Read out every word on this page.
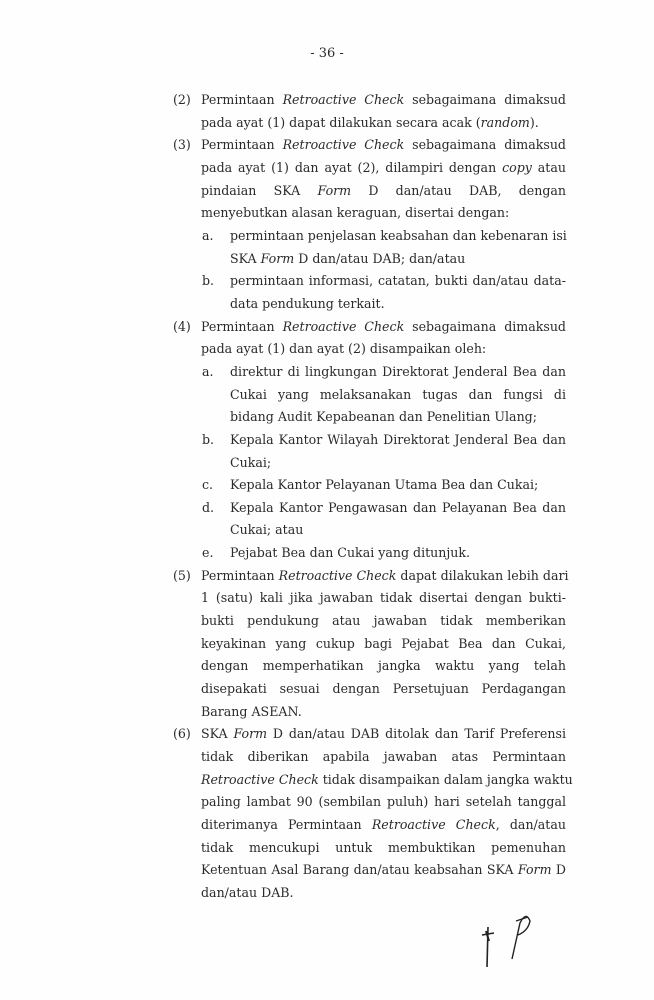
- 36 -
(2) Permintaan Retroactive Check sebagaimana dimaksud
pada ayat (1) dapat dilakukan secara acak (random).
(3) Permintaan Retroactive Check sebagaimana dimaksud
pada ayat (1) dan ayat (2), dilampiri dengan copy atau
pindaian SKA Form D dan/atau DAB, dengan
menyebutkan alasan keraguan, disertai dengan:
a. permintaan penjelasan keabsahan dan kebenaran isi
SKA Form D dan/atau DAB; dan/atau
b. permintaan informasi, catatan, bukti dan/atau data-
data pendukung terkait.
(4) Permintaan Retroactive Check sebagaimana dimaksud
pada ayat (1) dan ayat (2) disampaikan oleh:
a. direktur di lingkungan Direktorat Jenderal Bea dan
Cukai yang melaksanakan tugas dan fungsi di
bidang Audit Kepabeanan dan Penelitian Ulang;
b. Kepala Kantor Wilayah Direktorat Jenderal Bea dan
Cukai;
c. Kepala Kantor Pelayanan Utama Bea dan Cukai;
d. Kepala Kantor Pengawasan dan Pelayanan Bea dan
Cukai; atau
e. Pejabat Bea dan Cukai yang ditunjuk.
(5) Permintaan Retroactive Check dapat dilakukan lebih dari
1 (satu) kali jika jawaban tidak disertai dengan bukti-
bukti pendukung atau jawaban tidak memberikan
keyakinan yang cukup bagi Pejabat Bea dan Cukai,
dengan memperhatikan jangka waktu yang telah
disepakati sesuai dengan Persetujuan Perdagangan
Barang ASEAN.
(6) SKA Form D dan/atau DAB ditolak dan Tarif Preferensi
tidak diberikan apabila jawaban atas Permintaan
Retroactive Check tidak disampaikan dalam jangka waktu
paling lambat 90 (sembilan puluh) hari setelah tanggal
diterimanya Permintaan Retroactive Check, dan/atau
tidak mencukupi untuk membuktikan pemenuhan
Ketentuan Asal Barang dan/atau keabsahan SKA Form D
dan/atau DAB.
